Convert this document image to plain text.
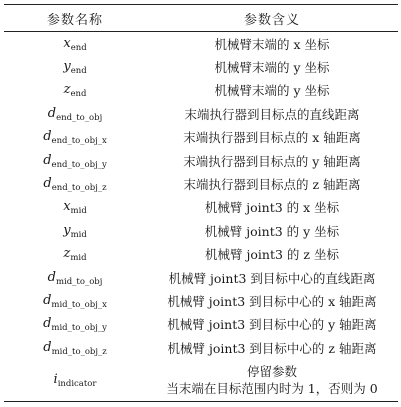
参数名称	参数含义
$x_{end}$	机械臂末端的 x 坐标
$y_{end}$	机械臂末端的 y 坐标
$z_{end}$	机械臂末端的 y 坐标
$d_{end\_to\_obj}$	末端执行器到目标点的直线距离
$d_{end\_to\_obj\_x}$	末端执行器到目标点的 x 轴距离
$d_{end\_to\_obj\_y}$	末端执行器到目标点的 y 轴距离
$d_{end\_to\_obj\_z}$	末端执行器到目标点的 z 轴距离
$x_{mid}$	机械臂 joint3 的 x 坐标
$y_{mid}$	机械臂 joint3 的 y 坐标
$z_{mid}$	机械臂 joint3 的 z 坐标
$d_{mid\_to\_obj}$	机械臂 joint3 到目标中心的直线距离
$d_{mid\_to\_obj\_x}$	机械臂 joint3 到目标中心的 x 轴距离
$d_{mid\_to\_obj\_y}$	机械臂 joint3 到目标中心的 y 轴距离
$d_{mid\_to\_obj\_z}$	机械臂 joint3 到目标中心的 z 轴距离
$i_{indicator}$	停留参数
当末端在目标范围内时为 1，否则为 0
